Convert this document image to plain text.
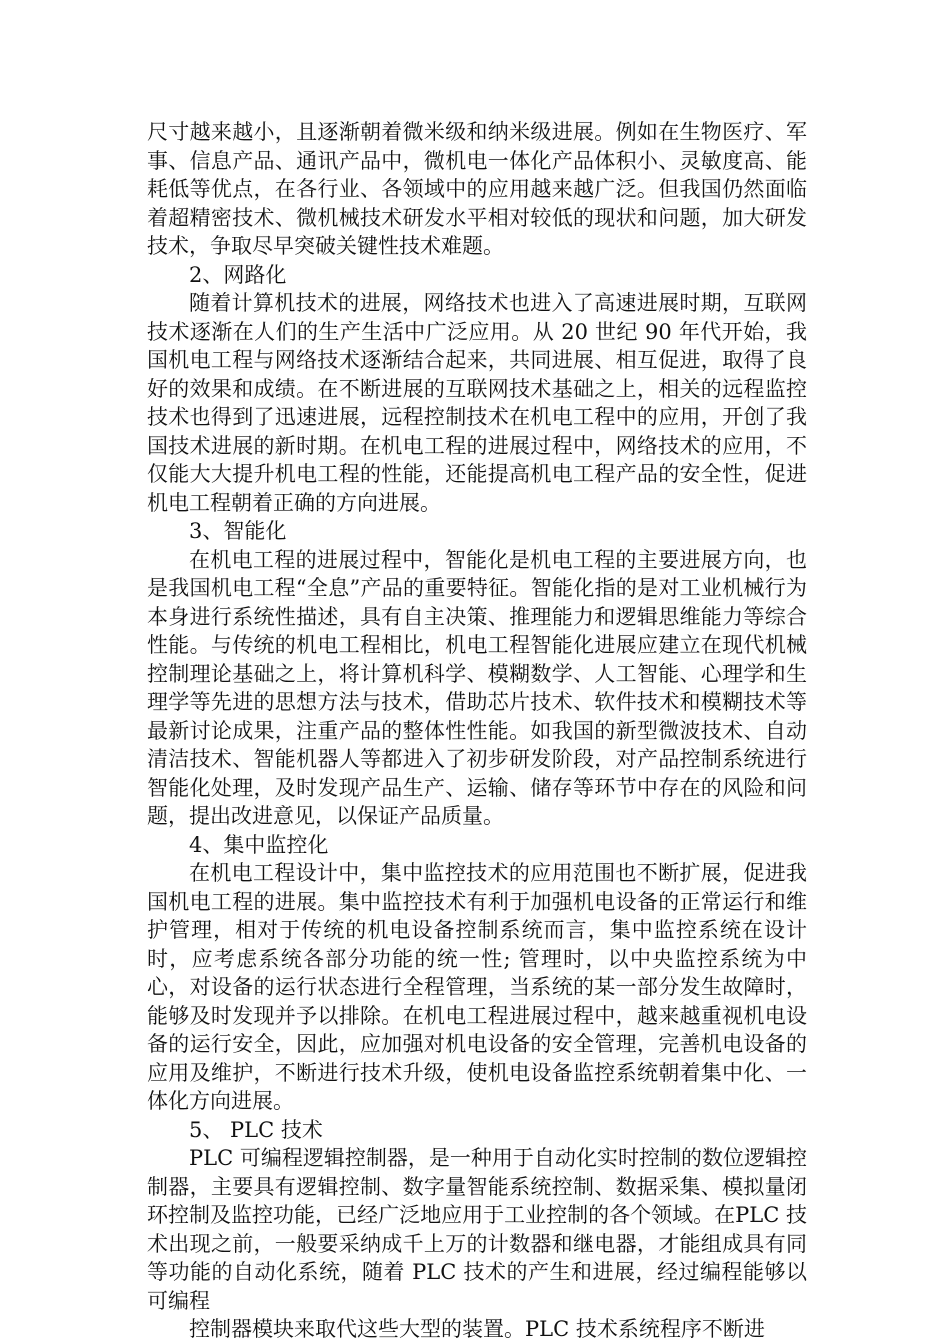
尺寸越来越小，且逐渐朝着微米级和纳米级进展。例如在生物医疗、军事、信息产品、通讯产品中，微机电一体化产品体积小、灵敏度高、能耗低等优点，在各行业、各领域中的应用越来越广泛。但我国仍然面临着超精密技术、微机械技术研发水平相对较低的现状和问题，加大研发技术，争取尽早突破关键性技术难题。

2、网路化

随着计算机技术的进展，网络技术也进入了高速进展时期，互联网技术逐渐在人们的生产生活中广泛应用。从 20 世纪 90 年代开始，我国机电工程与网络技术逐渐结合起来，共同进展、相互促进，取得了良好的效果和成绩。在不断进展的互联网技术基础之上，相关的远程监控技术也得到了迅速进展，远程控制技术在机电工程中的应用，开创了我国技术进展的新时期。在机电工程的进展过程中，网络技术的应用，不仅能大大提升机电工程的性能，还能提高机电工程产品的安全性，促进机电工程朝着正确的方向进展。

3、智能化

在机电工程的进展过程中，智能化是机电工程的主要进展方向，也是我国机电工程“全息”产品的重要特征。智能化指的是对工业机械行为本身进行系统性描述，具有自主决策、推理能力和逻辑思维能力等综合性能。与传统的机电工程相比，机电工程智能化进展应建立在现代机械控制理论基础之上，将计算机科学、模糊数学、人工智能、心理学和生理学等先进的思想方法与技术，借助芯片技术、软件技术和模糊技术等最新讨论成果，注重产品的整体性性能。如我国的新型微波技术、自动清洁技术、智能机器人等都进入了初步研发阶段，对产品控制系统进行智能化处理，及时发现产品生产、运输、储存等环节中存在的风险和问题，提出改进意见，以保证产品质量。

4、集中监控化

在机电工程设计中，集中监控技术的应用范围也不断扩展，促进我国机电工程的进展。集中监控技术有利于加强机电设备的正常运行和维护管理，相对于传统的机电设备控制系统而言，集中监控系统在设计时，应考虑系统各部分功能的统一性; 管理时，以中央监控系统为中心，对设备的运行状态进行全程管理，当系统的某一部分发生故障时，能够及时发现并予以排除。在机电工程进展过程中，越来越重视机电设备的运行安全，因此，应加强对机电设备的安全管理，完善机电设备的应用及维护，不断进行技术升级，使机电设备监控系统朝着集中化、一体化方向进展。

5、 PLC 技术

PLC 可编程逻辑控制器，是一种用于自动化实时控制的数位逻辑控制器，主要具有逻辑控制、数字量智能系统控制、数据采集、模拟量闭环控制及监控功能，已经广泛地应用于工业控制的各个领域。在PLC 技术出现之前，一般要采纳成千上万的计数器和继电器，才能组成具有同等功能的自动化系统，随着 PLC 技术的产生和进展，经过编程能够以可编程

控制器模块来取代这些大型的装置。PLC 技术系统程序不断进
